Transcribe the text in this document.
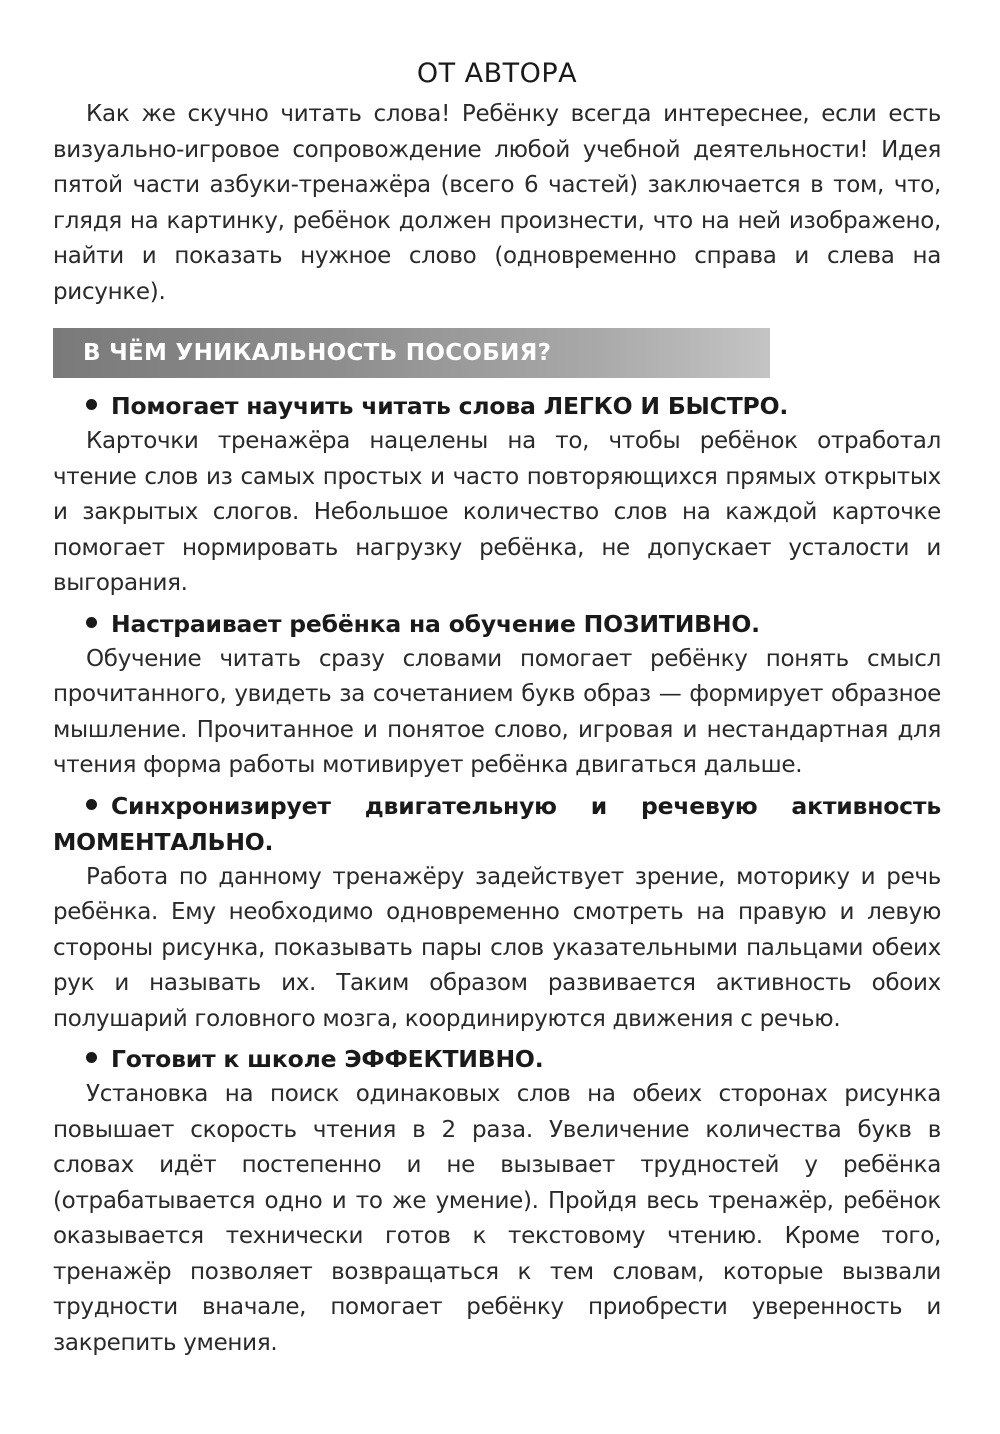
ОТ АВТОРА

Как же скучно читать слова! Ребёнку всегда интереснее, если есть визуально-игровое сопровождение любой учебной деятельности! Идея пятой части азбуки-тренажёра (всего 6 частей) заключается в том, что, глядя на картинку, ребёнок должен произнести, что на ней изображено, найти и показать нужное слово (одновременно справа и слева на рисунке).

В ЧЁМ УНИКАЛЬНОСТЬ ПОСОБИЯ?

Помогает научить читать слова ЛЕГКО И БЫСТРО.

Карточки тренажёра нацелены на то, чтобы ребёнок отработал чтение слов из самых простых и часто повторяющихся прямых открытых и закрытых слогов. Небольшое количество слов на каждой карточке помогает нормировать нагрузку ребёнка, не допускает усталости и выгорания.

Настраивает ребёнка на обучение ПОЗИТИВНО.

Обучение читать сразу словами помогает ребёнку понять смысл прочитанного, увидеть за сочетанием букв образ — формирует образное мышление. Прочитанное и понятое слово, игровая и нестандартная для чтения форма работы мотивирует ребёнка двигаться дальше.

Синхронизирует двигательную и речевую активность МОМЕНТАЛЬНО.

Работа по данному тренажёру задействует зрение, моторику и речь ребёнка. Ему необходимо одновременно смотреть на правую и левую стороны рисунка, показывать пары слов указательными пальцами обеих рук и называть их. Таким образом развивается активность обоих полушарий головного мозга, координируются движения с речью.

Готовит к школе ЭФФЕКТИВНО.

Установка на поиск одинаковых слов на обеих сторонах рисунка повышает скорость чтения в 2 раза. Увеличение количества букв в словах идёт постепенно и не вызывает трудностей у ребёнка (отрабатывается одно и то же умение). Пройдя весь тренажёр, ребёнок оказывается технически готов к текстовому чтению. Кроме того, тренажёр позволяет возвращаться к тем словам, которые вызвали трудности вначале, помогает ребёнку приобрести уверенность и закрепить умения.
